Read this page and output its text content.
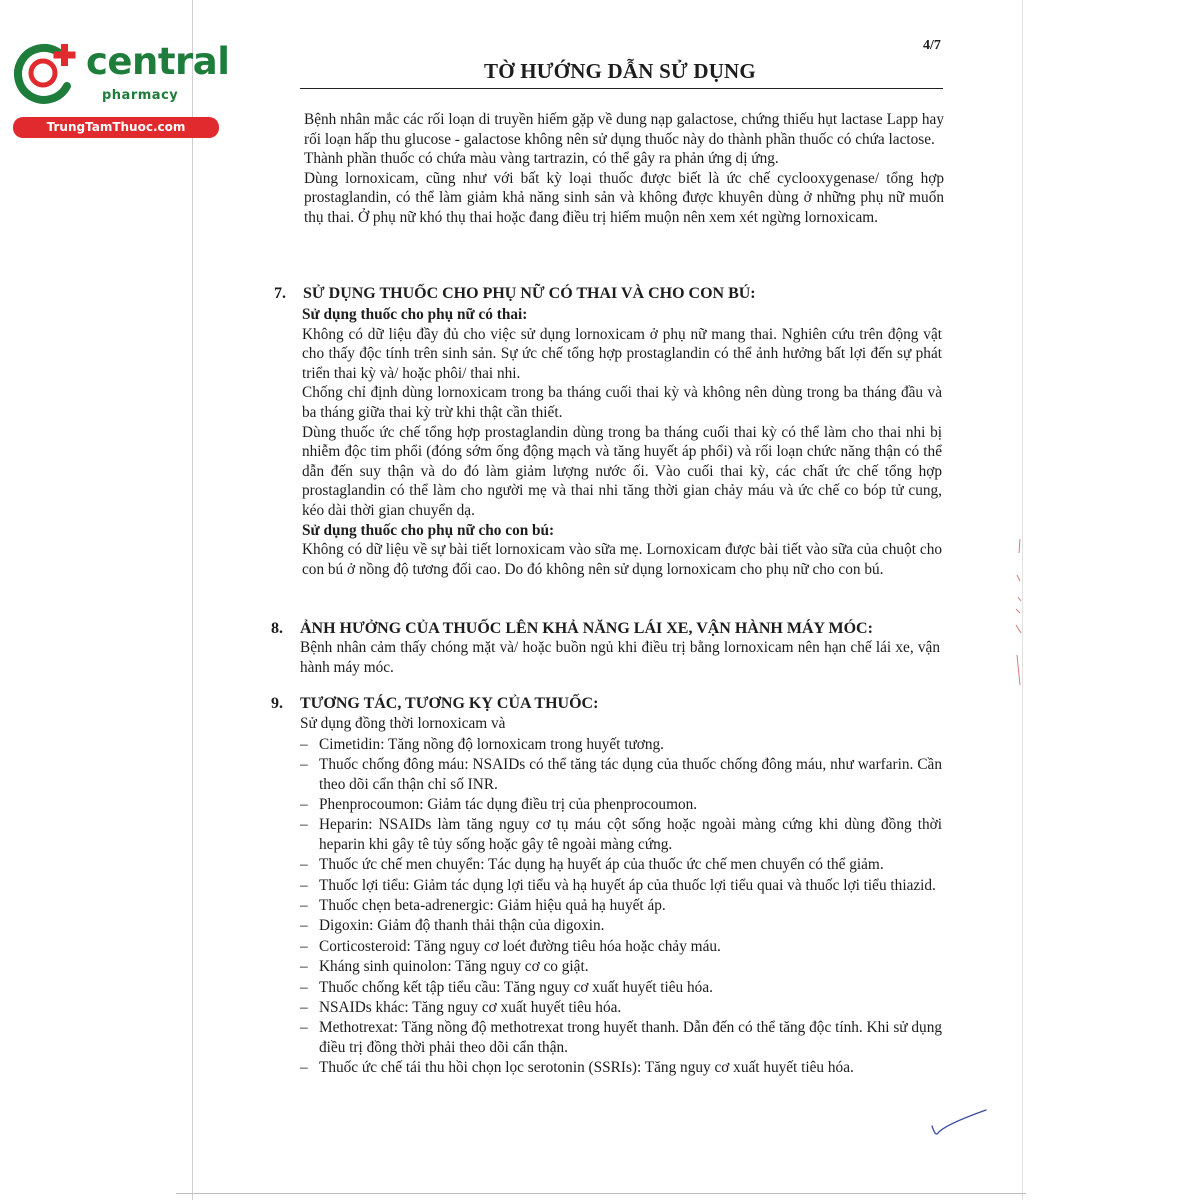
central
pharmacy
TrungTamThuoc.com
4/7
TỜ HƯỚNG DẪN SỬ DỤNG

Bệnh nhân mắc các rối loạn di truyền hiếm gặp về dung nạp galactose, chứng thiếu hụt lactase Lapp hay rối loạn hấp thu glucose - galactose không nên sử dụng thuốc này do thành phần thuốc có chứa lactose.

Thành phần thuốc có chứa màu vàng tartrazin, có thể gây ra phản ứng dị ứng.

Dùng lornoxicam, cũng như với bất kỳ loại thuốc được biết là ức chế cyclooxygenase/ tổng hợp prostaglandin, có thể làm giảm khả năng sinh sản và không được khuyên dùng ở những phụ nữ muốn thụ thai. Ở phụ nữ khó thụ thai hoặc đang điều trị hiếm muộn nên xem xét ngừng lornoxicam.

7. SỬ DỤNG THUỐC CHO PHỤ NỮ CÓ THAI VÀ CHO CON BÚ:

Sử dụng thuốc cho phụ nữ có thai:

Không có dữ liệu đầy đủ cho việc sử dụng lornoxicam ở phụ nữ mang thai. Nghiên cứu trên động vật cho thấy độc tính trên sinh sản. Sự ức chế tổng hợp prostaglandin có thể ảnh hưởng bất lợi đến sự phát triển thai kỳ và/ hoặc phôi/ thai nhi.

Chống chỉ định dùng lornoxicam trong ba tháng cuối thai kỳ và không nên dùng trong ba tháng đầu và ba tháng giữa thai kỳ trừ khi thật cần thiết.

Dùng thuốc ức chế tổng hợp prostaglandin dùng trong ba tháng cuối thai kỳ có thể làm cho thai nhi bị nhiễm độc tim phổi (đóng sớm ống động mạch và tăng huyết áp phổi) và rối loạn chức năng thận có thể dẫn đến suy thận và do đó làm giảm lượng nước ối. Vào cuối thai kỳ, các chất ức chế tổng hợp prostaglandin có thể làm cho người mẹ và thai nhi tăng thời gian chảy máu và ức chế co bóp tử cung, kéo dài thời gian chuyển dạ.

Sử dụng thuốc cho phụ nữ cho con bú:

Không có dữ liệu về sự bài tiết lornoxicam vào sữa mẹ. Lornoxicam được bài tiết vào sữa của chuột cho con bú ở nồng độ tương đối cao. Do đó không nên sử dụng lornoxicam cho phụ nữ cho con bú.

8. ẢNH HƯỞNG CỦA THUỐC LÊN KHẢ NĂNG LÁI XE, VẬN HÀNH MÁY MÓC:

Bệnh nhân cảm thấy chóng mặt và/ hoặc buồn ngủ khi điều trị bằng lornoxicam nên hạn chế lái xe, vận hành máy móc.

9. TƯƠNG TÁC, TƯƠNG KỴ CỦA THUỐC:

Sử dụng đồng thời lornoxicam và

– Cimetidin: Tăng nồng độ lornoxicam trong huyết tương.
– Thuốc chống đông máu: NSAIDs có thể tăng tác dụng của thuốc chống đông máu, như warfarin. Cần theo dõi cẩn thận chỉ số INR.
– Phenprocoumon: Giảm tác dụng điều trị của phenprocoumon.
– Heparin: NSAIDs làm tăng nguy cơ tụ máu cột sống hoặc ngoài màng cứng khi dùng đồng thời heparin khi gây tê tủy sống hoặc gây tê ngoài màng cứng.
– Thuốc ức chế men chuyển: Tác dụng hạ huyết áp của thuốc ức chế men chuyển có thể giảm.
– Thuốc lợi tiểu: Giảm tác dụng lợi tiểu và hạ huyết áp của thuốc lợi tiểu quai và thuốc lợi tiểu thiazid.
– Thuốc chẹn beta-adrenergic: Giảm hiệu quả hạ huyết áp.
– Digoxin: Giảm độ thanh thải thận của digoxin.
– Corticosteroid: Tăng nguy cơ loét đường tiêu hóa hoặc chảy máu.
– Kháng sinh quinolon: Tăng nguy cơ co giật.
– Thuốc chống kết tập tiểu cầu: Tăng nguy cơ xuất huyết tiêu hóa.
– NSAIDs khác: Tăng nguy cơ xuất huyết tiêu hóa.
– Methotrexat: Tăng nồng độ methotrexat trong huyết thanh. Dẫn đến có thể tăng độc tính. Khi sử dụng điều trị đồng thời phải theo dõi cẩn thận.
– Thuốc ức chế tái thu hồi chọn lọc serotonin (SSRIs): Tăng nguy cơ xuất huyết tiêu hóa.
